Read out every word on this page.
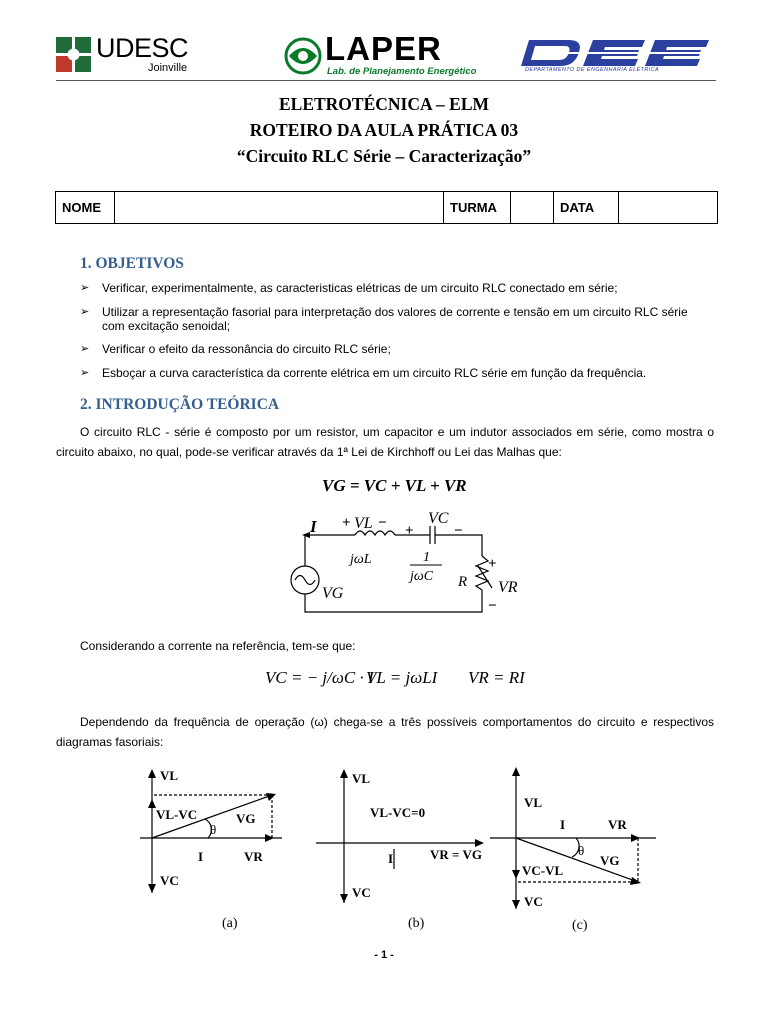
UDESC
Joinville
LAPER
Lab. de Planejamento Energético	DEPARTAMENTO DE ENGENHARIA ELÉTRICA
ELETROTÉCNICA – ELM
ROTEIRO DA AULA PRÁTICA 03
“Circuito RLC Série – Caracterização”
NOME		TURMA		DATA	
1. OBJETIVOS
➢ Verificar, experimentalmente, as caracteristicas elétricas de um circuito RLC conectado em série;
➢ Utilizar a representação fasorial para interpretação dos valores de corrente e tensão em um circuito RLC série com excitação senoidal;
➢ Verificar o efeito da ressonância do circuito RLC série;
➢ Esboçar a curva característica da corrente elétrica em um circuito RLC série em função da frequência.
2. INTRODUÇÃO TEÓRICA
O circuito RLC - série é composto por um resistor, um capacitor e um indutor associados em série, como mostra o circuito abaixo, no qual, pode-se verificar através da 1ª Lei de Kirchhoff ou Lei das Malhas que:
VG = VC + VL + VR
I + VL −
jωL
+
VC
−
1
jωC R
+
VR
−
VG
Considerando a corrente na referência, tem-se que:
VC = − j/ωC · I
VL = jωLI VR = RI
Dependendo da frequência de operação (ω) chega-se a três possíveis comportamentos do circuito e respectivos diagramas fasoriais:
VL
VL-VC	VG
θ
I	VR
VC
(a)
VL
VL-VC=0
I	VR = VG
VC
(b)
VL
I	VR
θ
VG
VC-VL
VC
(c)
- 1 -
